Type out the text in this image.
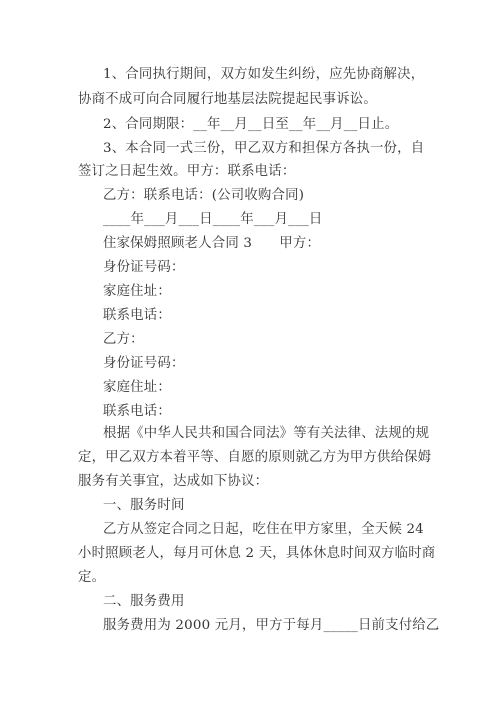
1、合同执行期间，双方如发生纠纷，应先协商解决，
协商不成可向合同履行地基层法院提起民事诉讼。
2、合同期限：__年__月__日至__年__月__日止。
3、本合同一式三份，甲乙双方和担保方各执一份，自
签订之日起生效。甲方：联系电话：
乙方：联系电话：(公司收购合同)
____年___月___日____年___月___日
住家保姆照顾老人合同 3　　甲方：
身份证号码：
家庭住址：
联系电话：
乙方：
身份证号码：
家庭住址：
联系电话：
根据《中华人民共和国合同法》等有关法律、法规的规
定，甲乙双方本着平等、自愿的原则就乙方为甲方供给保姆
服务有关事宜，达成如下协议：
一、服务时间
乙方从签定合同之日起，吃住在甲方家里，全天候 24
小时照顾老人，每月可休息 2 天，具体休息时间双方临时商
定。
二、服务费用
服务费用为 2000 元月，甲方于每月_____日前支付给乙
